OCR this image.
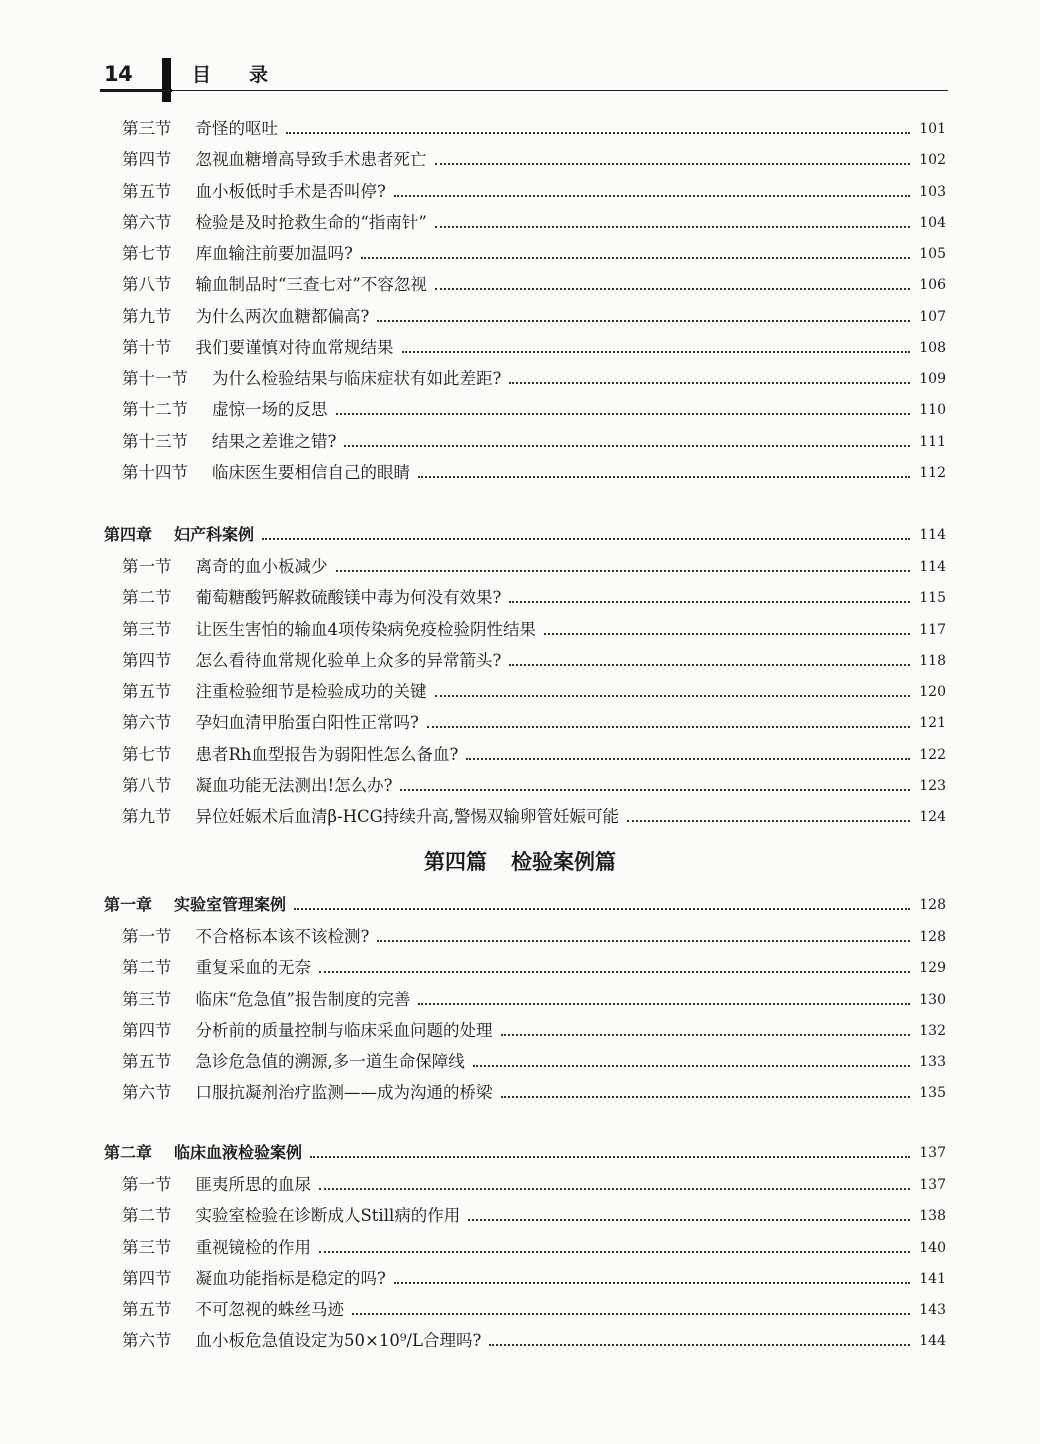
14	目录
第四篇 检验案例篇
第三节 奇怪的呕吐	101
第四节 忽视血糖增高导致手术患者死亡	102
第五节 血小板低时手术是否叫停?	103
第六节 检验是及时抢救生命的“指南针”	104
第七节 库血输注前要加温吗?	105
第八节 输血制品时“三查七对”不容忽视	106
第九节 为什么两次血糖都偏高?	107
第十节 我们要谨慎对待血常规结果	108
第十一节 为什么检验结果与临床症状有如此差距?	109
第十二节 虚惊一场的反思	110
第十三节 结果之差谁之错?	111
第十四节 临床医生要相信自己的眼睛	112
第四章 妇产科案例	114
第一节 离奇的血小板减少	114
第二节 葡萄糖酸钙解救硫酸镁中毒为何没有效果?	115
第三节 让医生害怕的输血4项传染病免疫检验阴性结果	117
第四节 怎么看待血常规化验单上众多的异常箭头?	118
第五节 注重检验细节是检验成功的关键	120
第六节 孕妇血清甲胎蛋白阳性正常吗?	121
第七节 患者Rh血型报告为弱阳性怎么备血?	122
第八节 凝血功能无法测出!怎么办?	123
第九节 异位妊娠术后血清β-HCG持续升高,警惕双输卵管妊娠可能	124
第一章 实验室管理案例	128
第一节 不合格标本该不该检测?	128
第二节 重复采血的无奈	129
第三节 临床“危急值”报告制度的完善	130
第四节 分析前的质量控制与临床采血问题的处理	132
第五节 急诊危急值的溯源,多一道生命保障线	133
第六节 口服抗凝剂治疗监测——成为沟通的桥梁	135
第二章 临床血液检验案例	137
第一节 匪夷所思的血尿	137
第二节 实验室检验在诊断成人Still病的作用	138
第三节 重视镜检的作用	140
第四节 凝血功能指标是稳定的吗?	141
第五节 不可忽视的蛛丝马迹	143
第六节 血小板危急值设定为50×10⁹/L合理吗?	144
